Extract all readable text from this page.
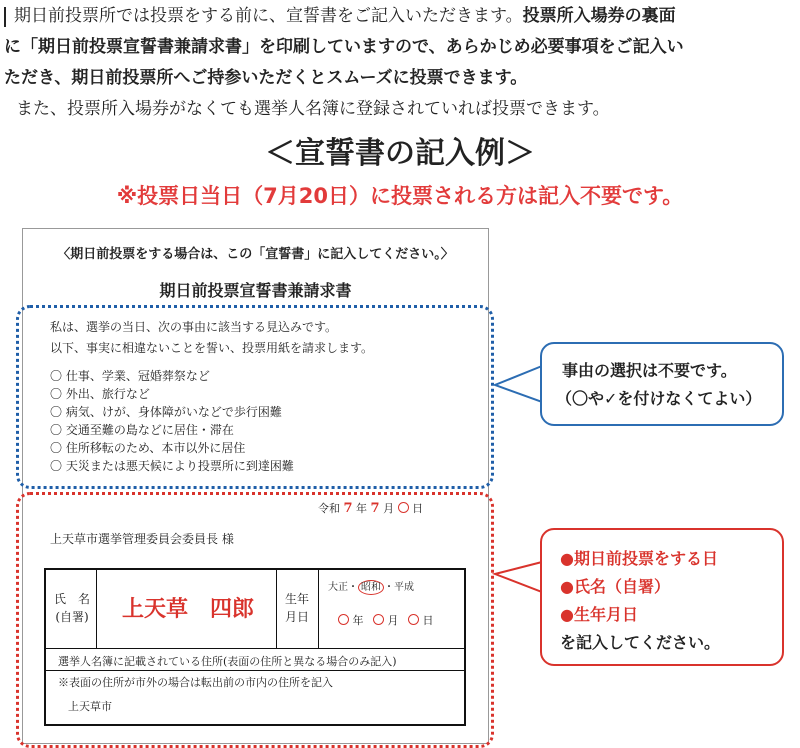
期日前投票所では投票をする前に、宣誓書をご記入いただきます。投票所入場券の裏面
に「期日前投票宣誓書兼請求書」を印刷していますので、あらかじめ必要事項をご記入い
ただき、期日前投票所へご持参いただくとスムーズに投票できます。
また、投票所入場券がなくても選挙人名簿に登録されていれば投票できます。
＜宣誓書の記入例＞
※投票日当日（7月20日）に投票される方は記入不要です。
〈期日前投票をする場合は、この「宣誓書」に記入してください。〉
期日前投票宣誓書兼請求書
私は、選挙の当日、次の事由に該当する見込みです。
以下、事実に相違ないことを誓い、投票用紙を請求します。
〇 仕事、学業、冠婚葬祭など
〇 外出、旅行など
〇 病気、けが、身体障がいなどで歩行困難
〇 交通至難の島などに居住・滞在
〇 住所移転のため、本市以外に居住
〇 天災または悪天候により投票所に到達困難
令和 7 年 7 月 日
上天草市選挙管理委員会委員長 様
氏　名
(自署) 上天草　四郎	生年
月日
大正・ 昭和 ・平成
年 月 日
選挙人名簿に記載されている住所(表面の住所と異なる場合のみ記入)
※表面の住所が市外の場合は転出前の市内の住所を記入
上天草市
事由の選択は不要です。
（〇や✓を付けなくてよい）
●期日前投票をする日
●氏名（自署）
●生年月日
を記入してください。
